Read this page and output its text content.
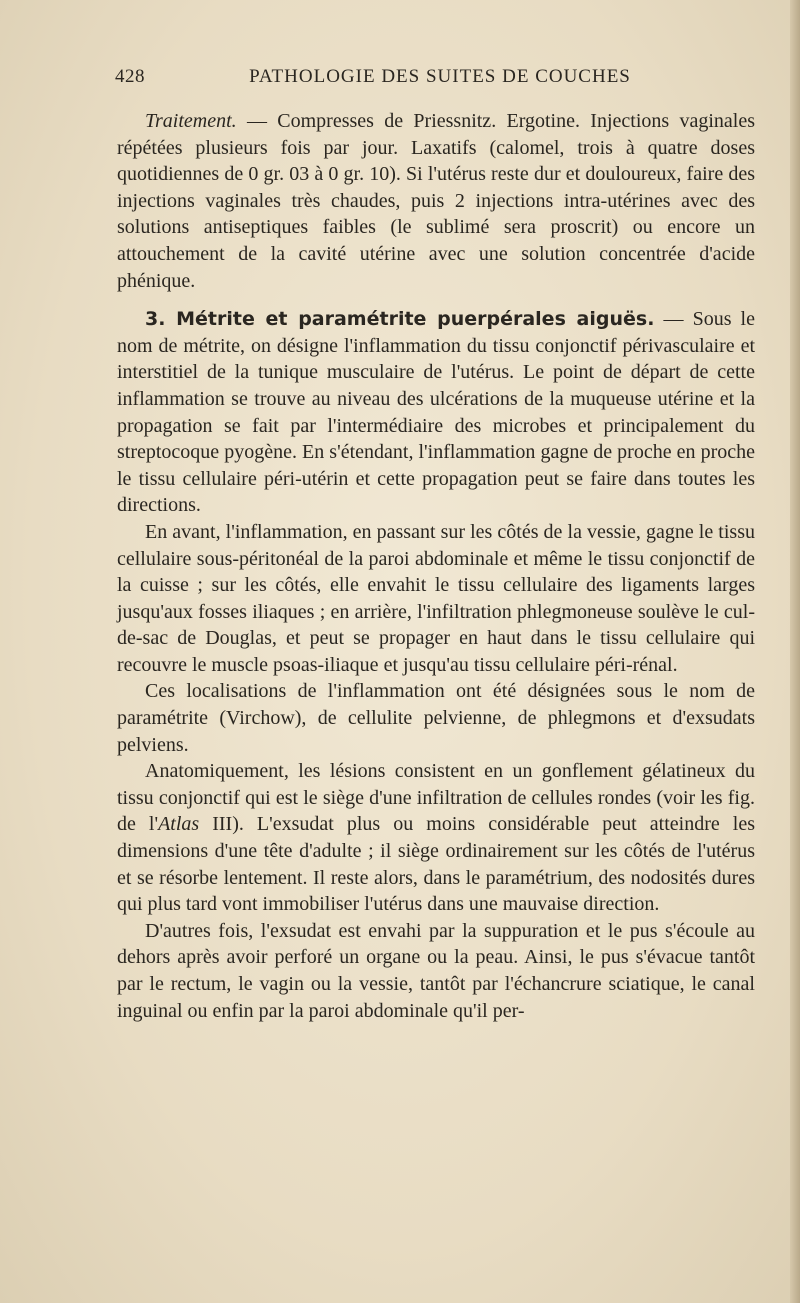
428	PATHOLOGIE DES SUITES DE COUCHES

Traitement. — Compresses de Priessnitz. Ergotine. Injections vaginales répétées plusieurs fois par jour. Laxatifs (calomel, trois à quatre doses quotidiennes de 0 gr. 03 à 0 gr. 10). Si l'utérus reste dur et douloureux, faire des injections vaginales très chaudes, puis 2 injections intra-utérines avec des solutions antiseptiques faibles (le sublimé sera proscrit) ou encore un attouchement de la cavité utérine avec une solution concentrée d'acide phénique.

3. Métrite et paramétrite puerpérales aiguës. — Sous le nom de métrite, on désigne l'inflammation du tissu conjonctif périvasculaire et interstitiel de la tunique musculaire de l'utérus. Le point de départ de cette inflammation se trouve au niveau des ulcérations de la muqueuse utérine et la propagation se fait par l'intermédiaire des microbes et principalement du streptocoque pyogène. En s'étendant, l'inflammation gagne de proche en proche le tissu cellulaire péri-utérin et cette propagation peut se faire dans toutes les directions.

En avant, l'inflammation, en passant sur les côtés de la vessie, gagne le tissu cellulaire sous-péritonéal de la paroi abdominale et même le tissu conjonctif de la cuisse ; sur les côtés, elle envahit le tissu cellulaire des ligaments larges jusqu'aux fosses iliaques ; en arrière, l'infiltration phlegmoneuse soulève le cul-de-sac de Douglas, et peut se propager en haut dans le tissu cellulaire qui recouvre le muscle psoas-iliaque et jusqu'au tissu cellulaire péri-rénal.

Ces localisations de l'inflammation ont été désignées sous le nom de paramétrite (Virchow), de cellulite pelvienne, de phlegmons et d'exsudats pelviens.

Anatomiquement, les lésions consistent en un gonflement gélatineux du tissu conjonctif qui est le siège d'une infiltration de cellules rondes (voir les fig. de l'Atlas III). L'exsudat plus ou moins considérable peut atteindre les dimensions d'une tête d'adulte ; il siège ordinairement sur les côtés de l'utérus et se résorbe lentement. Il reste alors, dans le paramétrium, des nodosités dures qui plus tard vont immobiliser l'utérus dans une mauvaise direction.

D'autres fois, l'exsudat est envahi par la suppuration et le pus s'écoule au dehors après avoir perforé un organe ou la peau. Ainsi, le pus s'évacue tantôt par le rectum, le vagin ou la vessie, tantôt par l'échancrure sciatique, le canal inguinal ou enfin par la paroi abdominale qu'il per-
